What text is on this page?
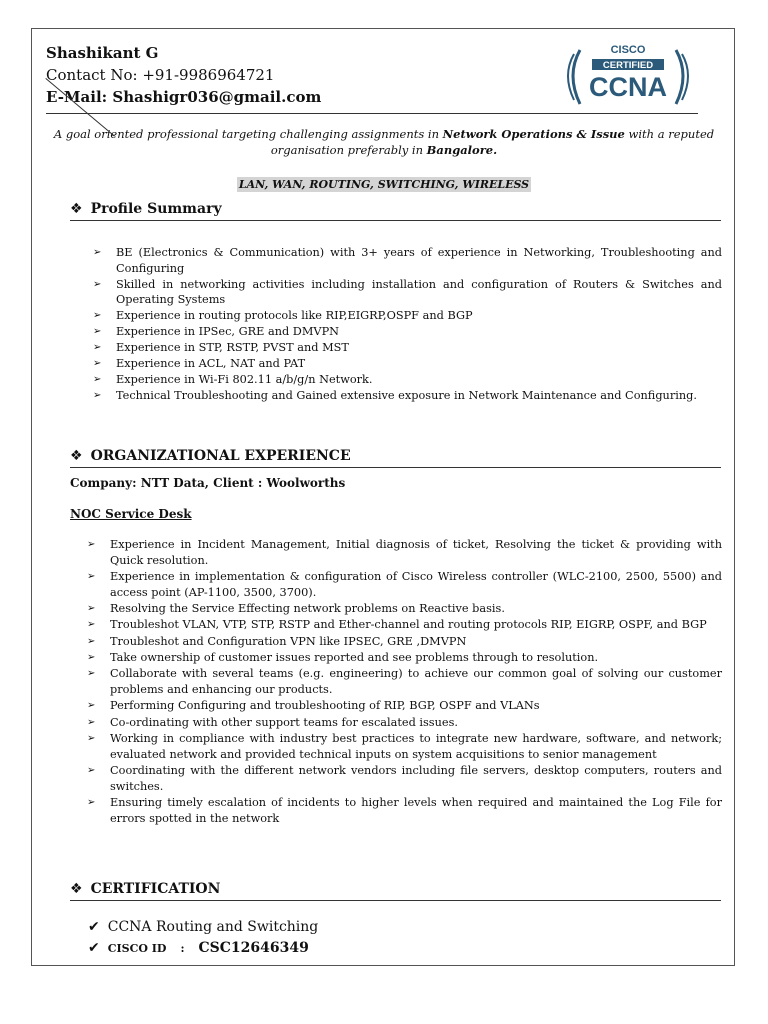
Shashikant G
Contact No: +91-9986964721
E-Mail: Shashigr036@gmail.com
CISCO
CERTIFIED
CCNA
A goal oriented professional targeting challenging assignments in Network Operations & Issue with a reputed organisation preferably in Bangalore.
LAN, WAN, ROUTING, SWITCHING, WIRELESS
❖ Profile Summary
➢ BE (Electronics & Communication) with 3+ years of experience in Networking, Troubleshooting and Configuring
➢ Skilled in networking activities including installation and configuration of Routers & Switches and Operating Systems
➢ Experience in routing protocols like RIP,EIGRP,OSPF and BGP
➢ Experience in IPSec, GRE and DMVPN
➢ Experience in STP, RSTP, PVST and MST
➢ Experience in ACL, NAT and PAT
➢ Experience in Wi-Fi 802.11 a/b/g/n Network.
➢ Technical Troubleshooting and Gained extensive exposure in Network Maintenance and Configuring.
❖ ORGANIZATIONAL EXPERIENCE
Company: NTT Data, Client : Woolworths
NOC Service Desk
➢ Experience in Incident Management, Initial diagnosis of ticket, Resolving the ticket & providing with Quick resolution.
➢ Experience in implementation & configuration of Cisco Wireless controller (WLC-2100, 2500, 5500) and access point (AP-1100, 3500, 3700).
➢ Resolving the Service Effecting network problems on Reactive basis.
➢ Troubleshot VLAN, VTP, STP, RSTP and Ether-channel and routing protocols RIP, EIGRP, OSPF, and BGP
➢ Troubleshot and Configuration VPN like IPSEC, GRE ,DMVPN
➢ Take ownership of customer issues reported and see problems through to resolution.
➢ Collaborate with several teams (e.g. engineering) to achieve our common goal of solving our customer problems and enhancing our products.
➢ Performing Configuring and troubleshooting of RIP, BGP, OSPF and VLANs
➢ Co-ordinating with other support teams for escalated issues.
➢ Working in compliance with industry best practices to integrate new hardware, software, and network; evaluated network and provided technical inputs on system acquisitions to senior management
➢ Coordinating with the different network vendors including file servers, desktop computers, routers and switches.
➢ Ensuring timely escalation of incidents to higher levels when required and maintained the Log File for errors spotted in the network
❖ CERTIFICATION
✔ CCNA Routing and Switching
✔ CISCO ID : CSC12646349
